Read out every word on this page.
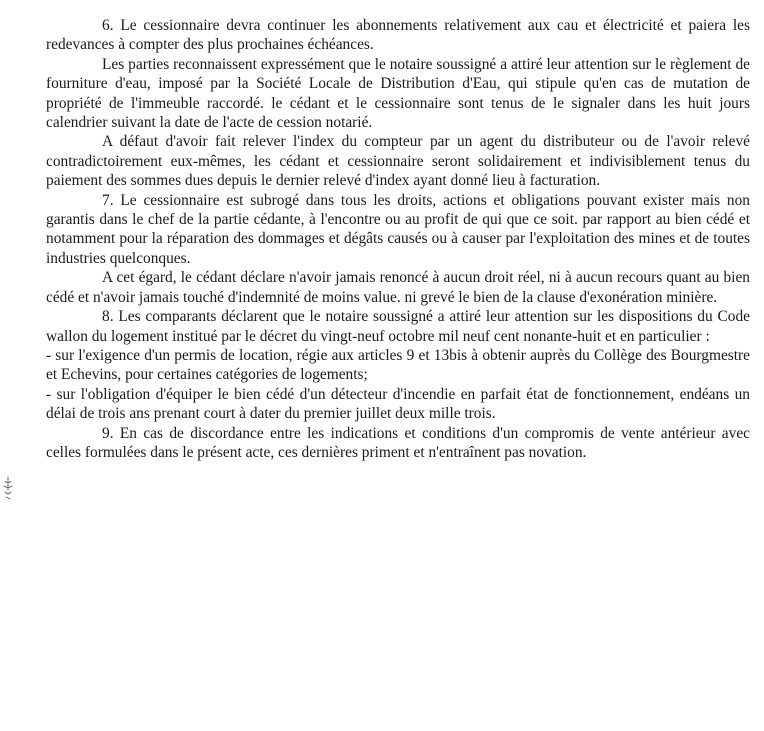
6. Le cessionnaire devra continuer les abonnements relativement aux cau et électricité et paiera les redevances à compter des plus prochaines échéances.

Les parties reconnaissent expressément que le notaire soussigné a attiré leur attention sur le règlement de fourniture d'eau, imposé par la Société Locale de Distribution d'Eau, qui stipule qu'en cas de mutation de propriété de l'immeuble raccordé. le cédant et le cessionnaire sont tenus de le signaler dans les huit jours calendrier suivant la date de l'acte de cession notarié.

A défaut d'avoir fait relever l'index du compteur par un agent du distributeur ou de l'avoir relevé contradictoirement eux-mêmes, les cédant et cessionnaire seront solidairement et indivisiblement tenus du paiement des sommes dues depuis le dernier relevé d'index ayant donné lieu à facturation.

7. Le cessionnaire est subrogé dans tous les droits, actions et obligations pouvant exister mais non garantis dans le chef de la partie cédante, à l'encontre ou au profit de qui que ce soit. par rapport au bien cédé et notamment pour la réparation des dommages et dégâts causés ou à causer par l'exploitation des mines et de toutes industries quelconques.

A cet égard, le cédant déclare n'avoir jamais renoncé à aucun droit réel, ni à aucun recours quant au bien cédé et n'avoir jamais touché d'indemnité de moins value. ni grevé le bien de la clause d'exonération minière.

8. Les comparants déclarent que le notaire soussigné a attiré leur attention sur les dispositions du Code wallon du logement institué par le décret du vingt-neuf octobre mil neuf cent nonante-huit et en particulier :

- sur l'exigence d'un permis de location, régie aux articles 9 et 13bis à obtenir auprès du Collège des Bourgmestre et Echevins, pour certaines catégories de logements;

- sur l'obligation d'équiper le bien cédé d'un détecteur d'incendie en parfait état de fonctionnement, endéans un délai de trois ans prenant court à dater du premier juillet deux mille trois.

9. En cas de discordance entre les indications et conditions d'un compromis de vente antérieur avec celles formulées dans le présent acte, ces dernières priment et n'entraînent pas novation.
